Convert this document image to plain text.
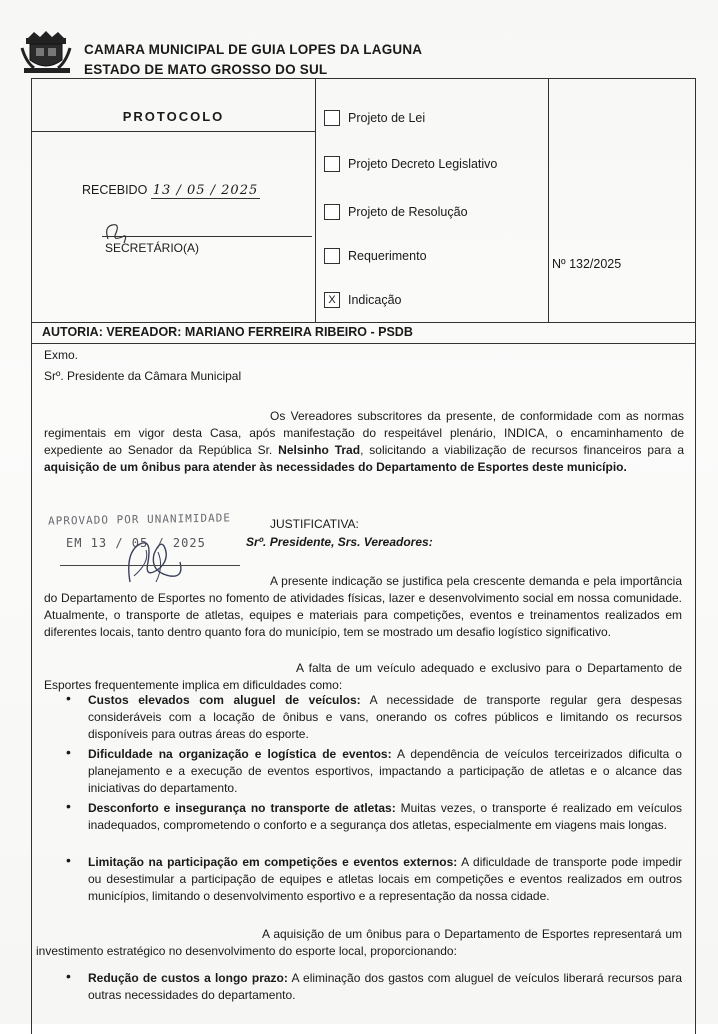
CAMARA MUNICIPAL DE GUIA LOPES DA LAGUNA
ESTADO DE MATO GROSSO DO SUL
PROTOCOLO
RECEBIDO 13 / 05 / 2025
SECRETÁRIO(A)
Projeto de Lei
Projeto Decreto Legislativo
Projeto de Resolução
Requerimento
X Indicação
Nº 132/2025
AUTORIA: VEREADOR: MARIANO FERREIRA RIBEIRO - PSDB
Exmo.
Srº. Presidente da Câmara Municipal
Os Vereadores subscritores da presente, de conformidade com as normas regimentais em vigor desta Casa, após manifestação do respeitável plenário, INDICA, o encaminhamento de expediente ao Senador da República Sr. Nelsinho Trad, solicitando a viabilização de recursos financeiros para a aquisição de um ônibus para atender às necessidades do Departamento de Esportes deste município.
APROVADO POR UNANIMIDADE
EM 13 / 05 / 2025
JUSTIFICATIVA:
Srº. Presidente, Srs. Vereadores:
A presente indicação se justifica pela crescente demanda e pela importância do Departamento de Esportes no fomento de atividades físicas, lazer e desenvolvimento social em nossa comunidade. Atualmente, o transporte de atletas, equipes e materiais para competições, eventos e treinamentos realizados em diferentes locais, tanto dentro quanto fora do município, tem se mostrado um desafio logístico significativo.
A falta de um veículo adequado e exclusivo para o Departamento de Esportes frequentemente implica em dificuldades como:
• Custos elevados com aluguel de veículos: A necessidade de transporte regular gera despesas consideráveis com a locação de ônibus e vans, onerando os cofres públicos e limitando os recursos disponíveis para outras áreas do esporte.
• Dificuldade na organização e logística de eventos: A dependência de veículos terceirizados dificulta o planejamento e a execução de eventos esportivos, impactando a participação de atletas e o alcance das iniciativas do departamento.
• Desconforto e insegurança no transporte de atletas: Muitas vezes, o transporte é realizado em veículos inadequados, comprometendo o conforto e a segurança dos atletas, especialmente em viagens mais longas.
• Limitação na participação em competições e eventos externos: A dificuldade de transporte pode impedir ou desestimular a participação de equipes e atletas locais em competições e eventos realizados em outros municípios, limitando o desenvolvimento esportivo e a representação da nossa cidade.
A aquisição de um ônibus para o Departamento de Esportes representará um investimento estratégico no desenvolvimento do esporte local, proporcionando:
• Redução de custos a longo prazo: A eliminação dos gastos com aluguel de veículos liberará recursos para outras necessidades do departamento.
